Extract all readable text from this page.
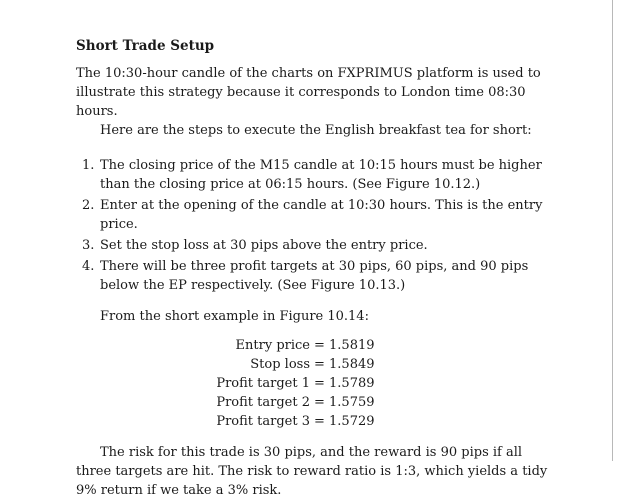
Short Trade Setup

The 10:30-hour candle of the charts on FXPRIMUS platform is used to illustrate this strategy because it corresponds to London time 08:30 hours.

Here are the steps to execute the English breakfast tea for short:

1. The closing price of the M15 candle at 10:15 hours must be higher than the closing price at 06:15 hours. (See Figure 10.12.)
2. Enter at the opening of the candle at 10:30 hours. This is the entry price.
3. Set the stop loss at 30 pips above the entry price.
4. There will be three profit targets at 30 pips, 60 pips, and 90 pips below the EP respectively. (See Figure 10.13.)

From the short example in Figure 10.14:

Entry price = 1.5819
Stop loss = 1.5849
Profit target 1 = 1.5789
Profit target 2 = 1.5759
Profit target 3 = 1.5729

The risk for this trade is 30 pips, and the reward is 90 pips if all three targets are hit. The risk to reward ratio is 1:3, which yields a tidy 9% return if we take a 3% risk.
